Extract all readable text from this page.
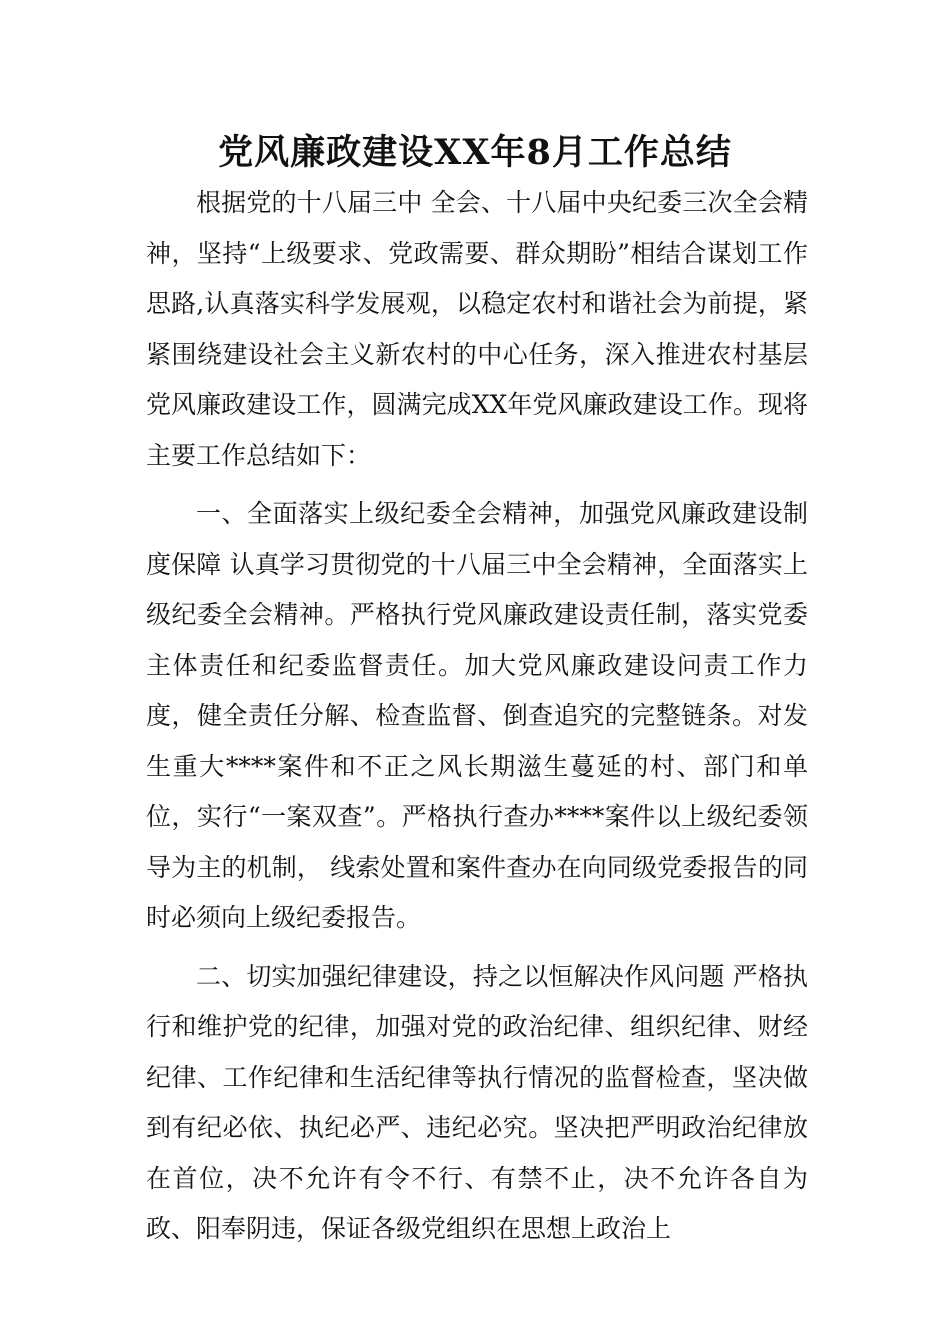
党风廉政建设XX年8月工作总结

根据党的十八届三中 全会、十八届中央纪委三次全会精神，坚持“上级要求、党政需要、群众期盼”相结合谋划工作思路,认真落实科学发展观，以稳定农村和谐社会为前提，紧紧围绕建设社会主义新农村的中心任务，深入推进农村基层党风廉政建设工作，圆满完成XX年党风廉政建设工作。现将主要工作总结如下：

一、全面落实上级纪委全会精神，加强党风廉政建设制度保障 认真学习贯彻党的十八届三中全会精神，全面落实上级纪委全会精神。严格执行党风廉政建设责任制，落实党委主体责任和纪委监督责任。加大党风廉政建设问责工作力度，健全责任分解、检查监督、倒查追究的完整链条。对发生重大****案件和不正之风长期滋生蔓延的村、部门和单位，实行“一案双查”。严格执行查办****案件以上级纪委领导为主的机制， 线索处置和案件查办在向同级党委报告的同时必须向上级纪委报告。

二、切实加强纪律建设，持之以恒解决作风问题 严格执行和维护党的纪律，加强对党的政治纪律、组织纪律、财经纪律、工作纪律和生活纪律等执行情况的监督检查，坚决做到有纪必依、执纪必严、违纪必究。坚决把严明政治纪律放在首位，决不允许有令不行、有禁不止，决不允许各自为政、阳奉阴违，保证各级党组织在思想上政治上
